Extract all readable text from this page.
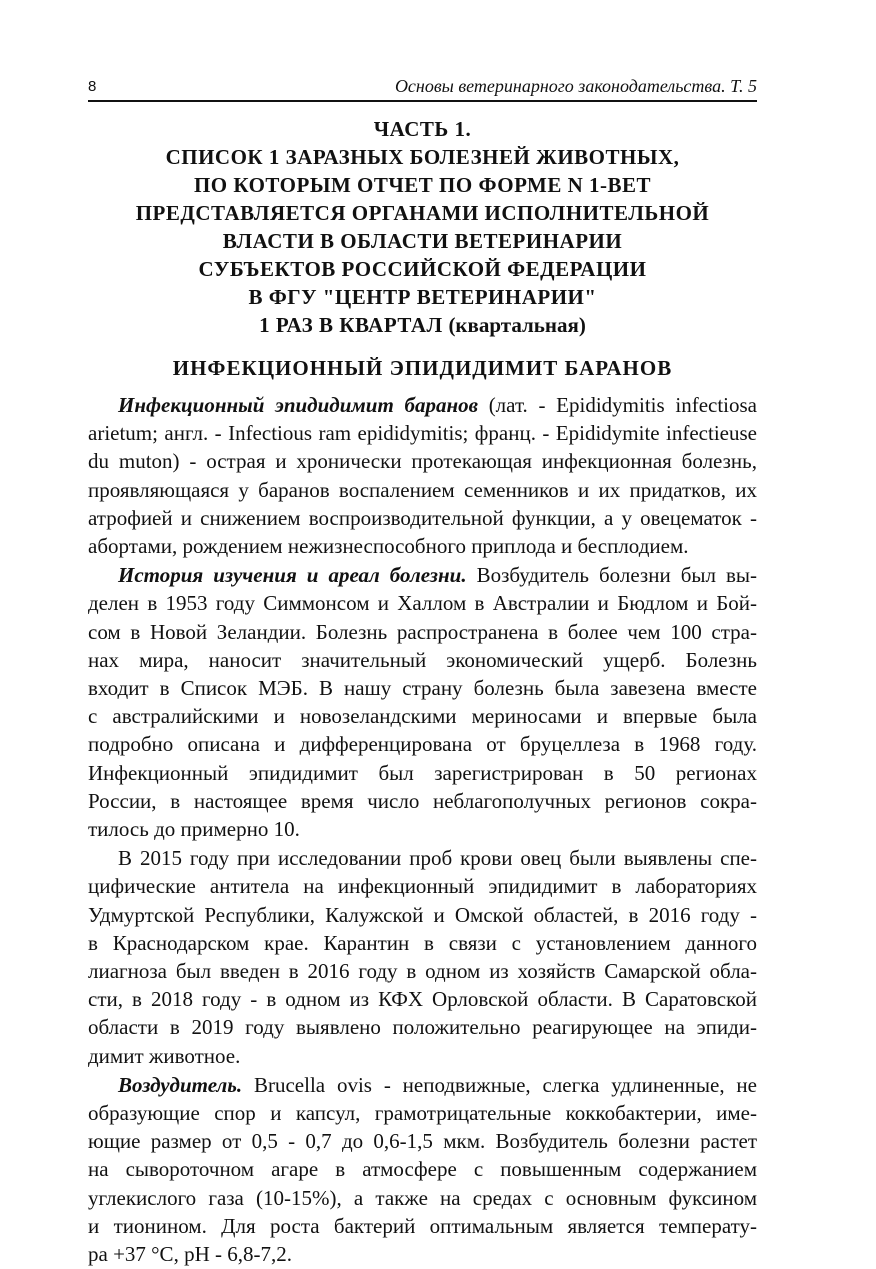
8	Основы ветеринарного законодательства. Т. 5
ЧАСТЬ 1.
СПИСОК 1 ЗАРАЗНЫХ БОЛЕЗНЕЙ ЖИВОТНЫХ,
ПО КОТОРЫМ ОТЧЕТ ПО ФОРМЕ N 1-ВЕТ
ПРЕДСТАВЛЯЕТСЯ ОРГАНАМИ ИСПОЛНИТЕЛЬНОЙ
ВЛАСТИ В ОБЛАСТИ ВЕТЕРИНАРИИ
СУБЪЕКТОВ РОССИЙСКОЙ ФЕДЕРАЦИИ
В ФГУ "ЦЕНТР ВЕТЕРИНАРИИ"
1 РАЗ В КВАРТАЛ (квартальная)
ИНФЕКЦИОННЫЙ ЭПИДИДИМИТ БАРАНОВ
Инфекционный эпидидимит баранов (лат. - Epididymitis infectiosa
arietum; англ. - Infectious ram epididymitis; франц. - Epididymite infectieuse
du muton) - острая и хронически протекающая инфекционная болезнь,
проявляющаяся у баранов воспалением семенников и их придатков, их
атрофией и снижением воспроизводительной функции, а у овецематок -
абортами, рождением нежизнеспособного приплода и бесплодием.
История изучения и ареал болезни. Возбудитель болезни был вы-
делен в 1953 году Симмонсом и Халлом в Австралии и Бюдлом и Бой-
сом в Новой Зеландии. Болезнь распространена в более чем 100 стра-
нах мира, наносит значительный экономический ущерб. Болезнь
входит в Список МЭБ. В нашу страну болезнь была завезена вместе
с австралийскими и новозеландскими мериносами и впервые была
подробно описана и дифференцирована от бруцеллеза в 1968 году.
Инфекционный эпидидимит был зарегистрирован в 50 регионах
России, в настоящее время число неблагополучных регионов сокра-
тилось до примерно 10.
В 2015 году при исследовании проб крови овец были выявлены спе-
цифические антитела на инфекционный эпидидимит в лабораториях
Удмуртской Республики, Калужской и Омской областей, в 2016 году -
в Краснодарском крае. Карантин в связи с установлением данного
лиагноза был введен в 2016 году в одном из хозяйств Самарской обла-
сти, в 2018 году - в одном из КФХ Орловской области. В Саратовской
области в 2019 году выявлено положительно реагирующее на эпиди-
димит животное.
Воздудитель. Brucella ovis - неподвижные, слегка удлиненные, не
образующие спор и капсул, грамотрицательные коккобактерии, име-
ющие размер от 0,5 - 0,7 до 0,6-1,5 мкм. Возбудитель болезни растет
на сывороточном агаре в атмосфере с повышенным содержанием
углекислого газа (10-15%), а также на средах с основным фуксином
и тионином. Для роста бактерий оптимальным является температу-
ра +37 °С, рН - 6,8-7,2.
